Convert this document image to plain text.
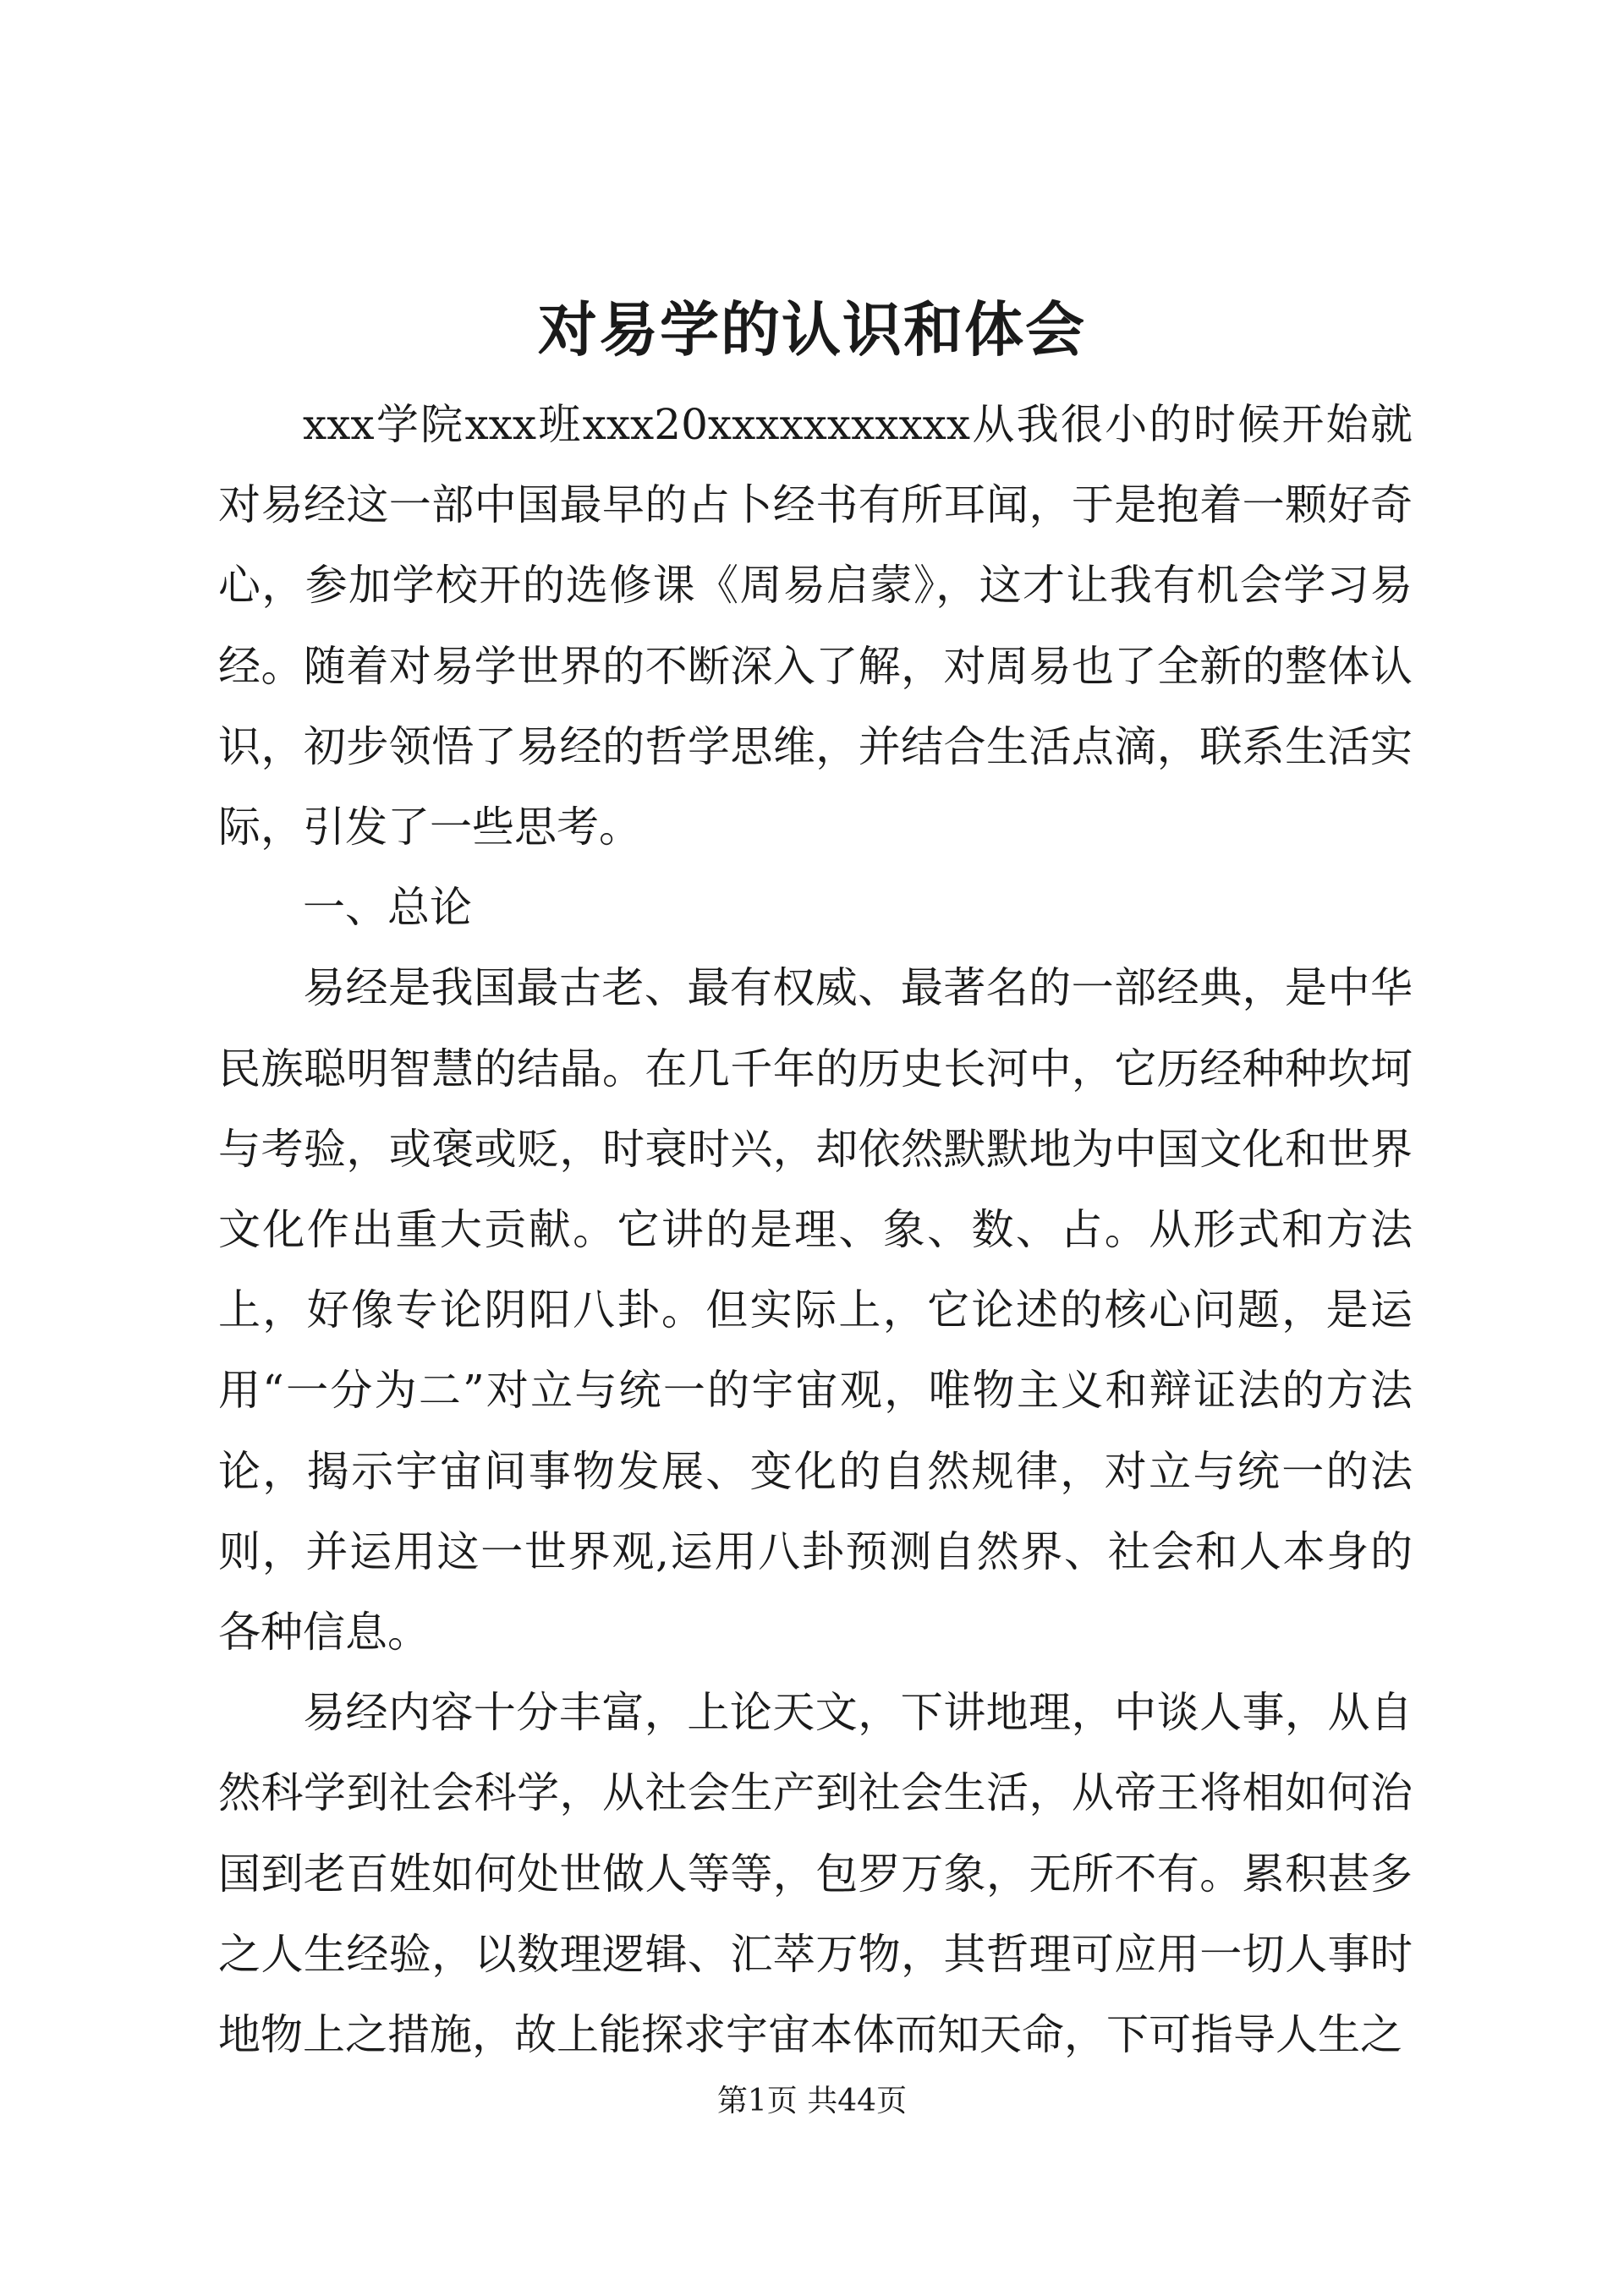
对易学的认识和体会

xxx学院xxx班xxx20xxxxxxxxxxx从我很小的时候开始就对易经这一部中国最早的占卜经书有所耳闻，于是抱着一颗好奇心，参加学校开的选修课《周易启蒙》，这才让我有机会学习易经。随着对易学世界的不断深入了解，对周易也了全新的整体认识，初步领悟了易经的哲学思维，并结合生活点滴，联系生活实际，引发了一些思考。

一、总论

易经是我国最古老、最有权威、最著名的一部经典，是中华民族聪明智慧的结晶。在几千年的历史长河中，它历经种种坎坷与考验，或褒或贬，时衰时兴，却依然默默地为中国文化和世界文化作出重大贡献。它讲的是理、象、数、占。从形式和方法上，好像专论阴阳八卦。但实际上，它论述的核心问题，是运用“一分为二”对立与统一的宇宙观，唯物主义和辩证法的方法论，揭示宇宙间事物发展、变化的自然规律，对立与统一的法则，并运用这一世界观,运用八卦预测自然界、社会和人本身的各种信息。

易经内容十分丰富，上论天文，下讲地理，中谈人事，从自然科学到社会科学，从社会生产到社会生活，从帝王将相如何治国到老百姓如何处世做人等等，包罗万象，无所不有。累积甚多之人生经验，以数理逻辑、汇萃万物，其哲理可应用一切人事时地物上之措施，故上能探求宇宙本体而知天命，下可指导人生之

第1页 共44页
